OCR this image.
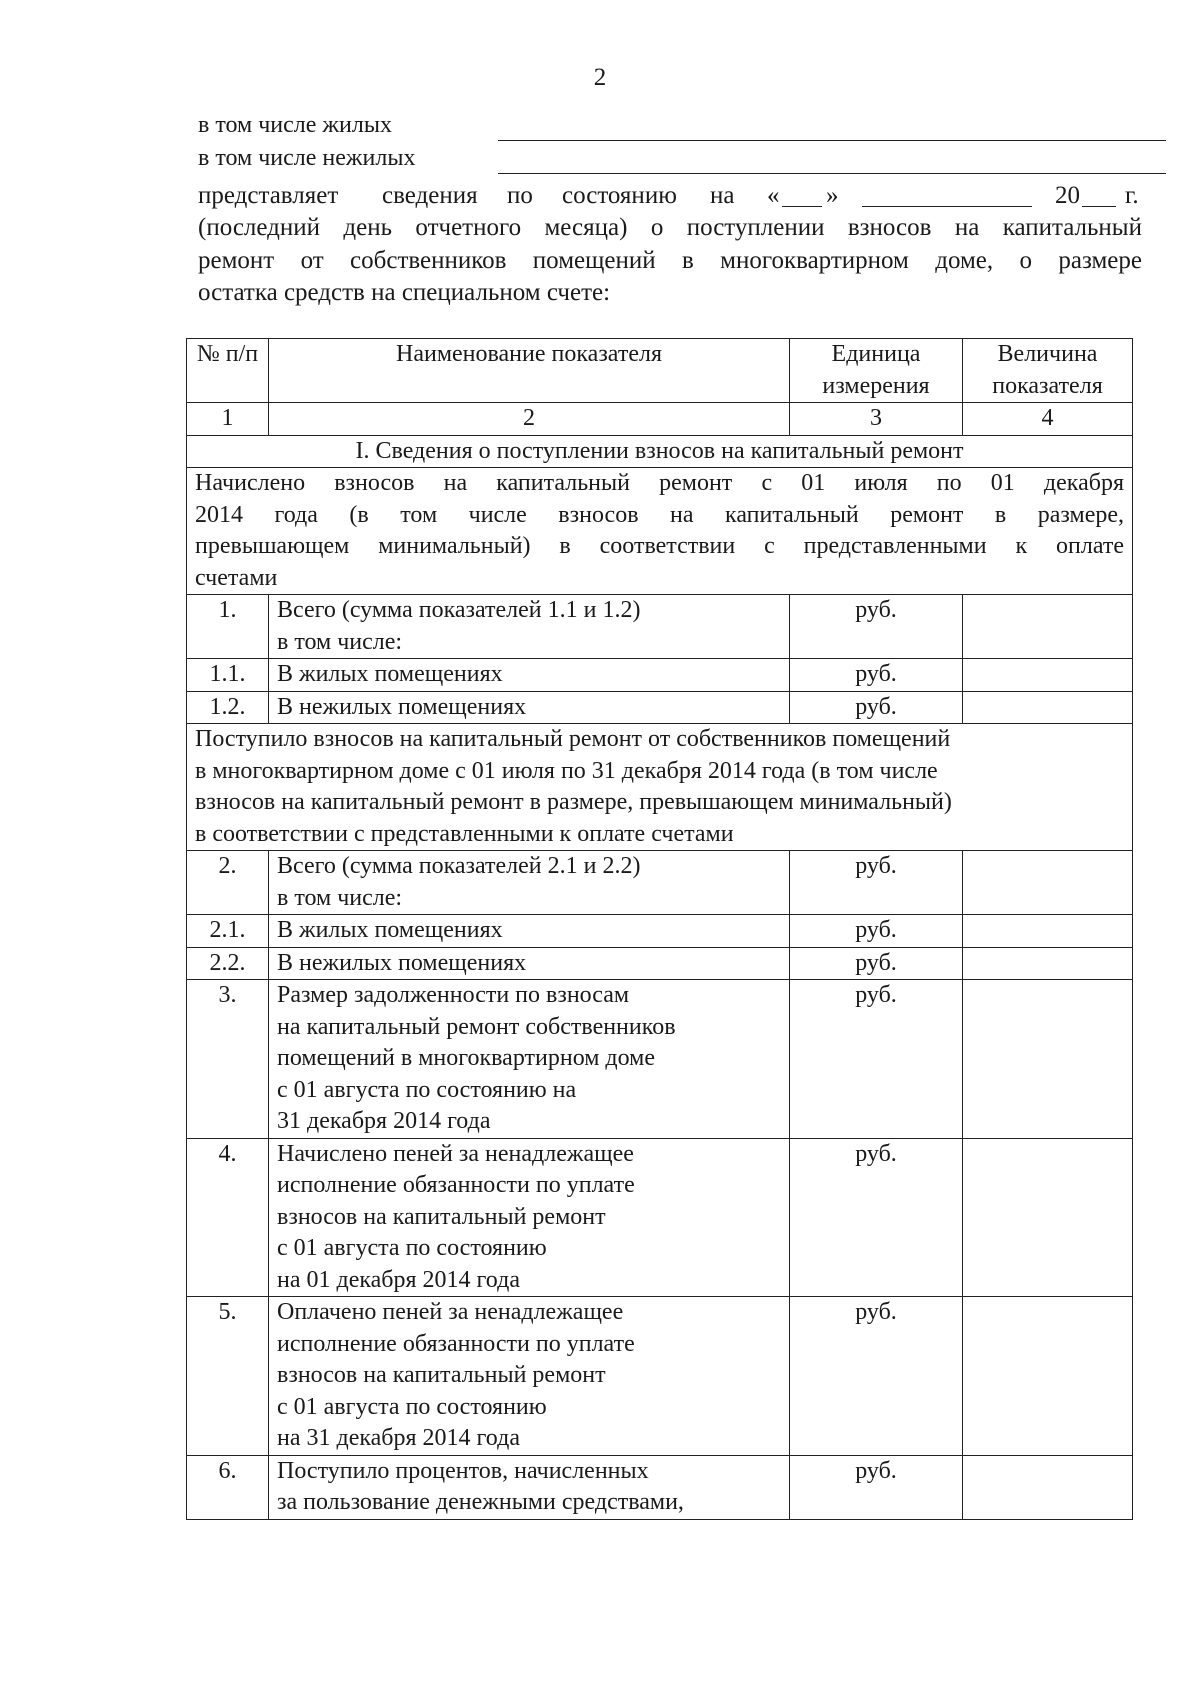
2
в том числе жилых
в том числе нежилых
представляет сведения по состоянию на « »	20 г.
(последний день отчетного месяца) о поступлении взносов на капитальный
ремонт от собственников помещений в многоквартирном доме, о размере
остатка средств на специальном счете:
№ п/п	Наименование показателя	Единица измерения	Величина показателя
1	2	3	4
I. Сведения о поступлении взносов на капитальный ремонт			

Начислено взносов на капитальный ремонт с 01 июля по 01 декабря
2014 года (в том числе взносов на капитальный ремонт в размере,
превышающем минимальный) в соответствии с представленными к оплате
счетами			

1.	Всего (сумма показателей 1.1 и 1.2)
в том числе:	руб.	
1.1.	В жилых помещениях	руб.	
1.2.	В нежилых помещениях	руб.	

Поступило взносов на капитальный ремонт от собственников помещений
в многоквартирном доме с 01 июля по 31 декабря 2014 года (в том числе
взносов на капитальный ремонт в размере, превышающем минимальный)
в соответствии с представленными к оплате счетами			

2.	Всего (сумма показателей 2.1 и 2.2)
в том числе:	руб.	
2.1.	В жилых помещениях	руб.	
2.2.	В нежилых помещениях	руб.	
3.	Размер задолженности по взносам
на капитальный ремонт собственников
помещений в многоквартирном доме
с 01 августа по состоянию на
31 декабря 2014 года	руб.	
4.	Начислено пеней за ненадлежащее
исполнение обязанности по уплате
взносов на капитальный ремонт
с 01 августа по состоянию
на 01 декабря 2014 года	руб.	
5.	Оплачено пеней за ненадлежащее
исполнение обязанности по уплате
взносов на капитальный ремонт
с 01 августа по состоянию
на 31 декабря 2014 года	руб.	
6.	Поступило процентов, начисленных
за пользование денежными средствами,	руб.	
